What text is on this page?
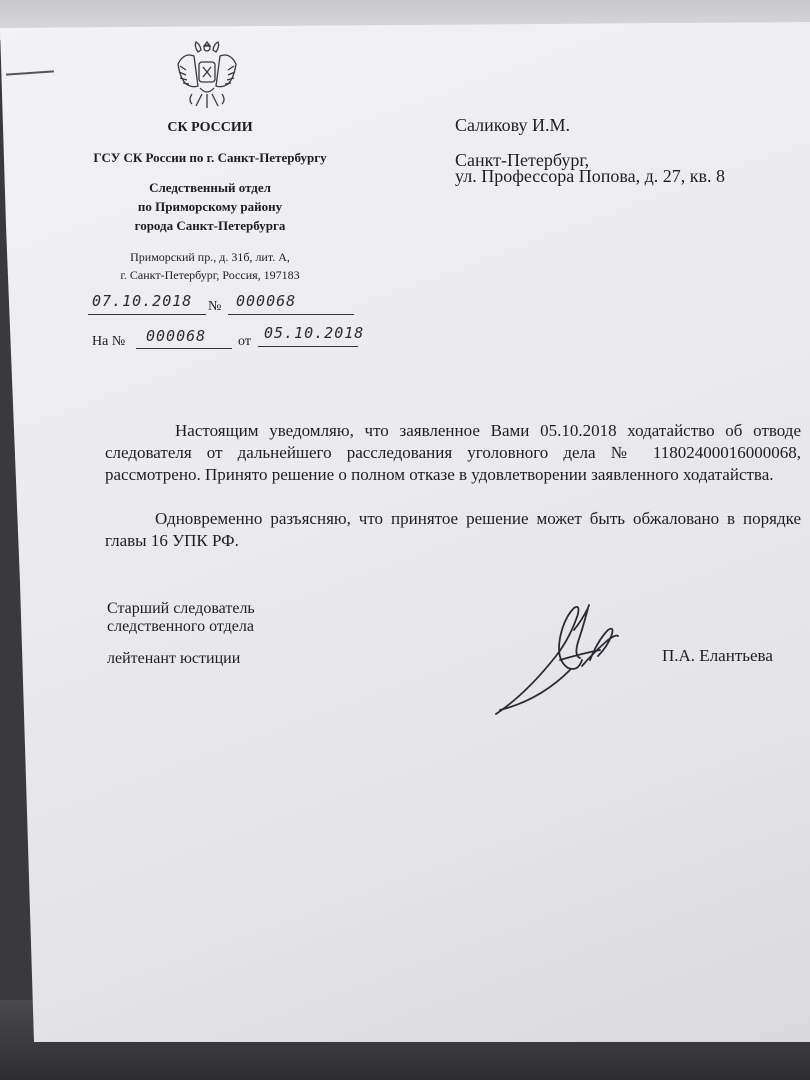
СК РОССИИ
ГСУ СК России по г. Санкт-Петербургу
Следственный отдел
по Приморскому району
города Санкт-Петербурга
Приморский пр., д. 31б, лит. А,
г. Санкт-Петербург, Россия, 197183
07.10.2018 № 000068
На № 000068 от 05.10.2018
Саликову И.М.
Санкт-Петербург,
ул. Профессора Попова, д. 27, кв. 8
Настоящим уведомляю, что заявленное Вами 05.10.2018 ходатайство об отводе следователя от дальнейшего расследования уголовного дела № 11802400016000068, рассмотрено. Принято решение о полном отказе в удовлетворении заявленного ходатайства.
Одновременно разъясняю, что принятое решение может быть обжаловано в порядке главы 16 УПК РФ.
Старший следователь
следственного отдела
лейтенант юстиции	П.А. Елантьева
